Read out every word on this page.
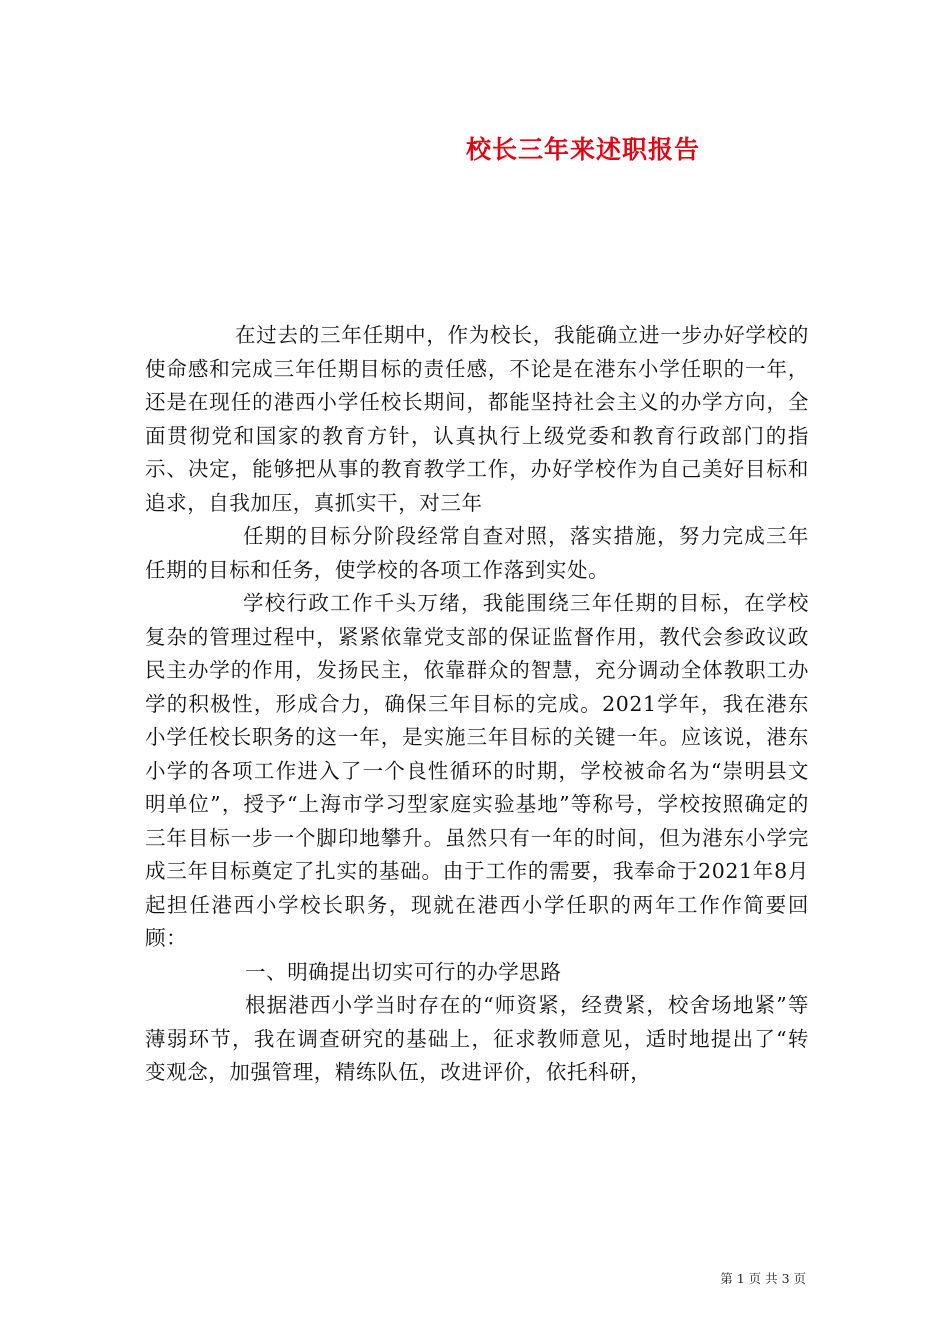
校长三年来述职报告

在过去的三年任期中，作为校长，我能确立进一步办好学校的使命感和完成三年任期目标的责任感，不论是在港东小学任职的一年，还是在现任的港西小学任校长期间，都能坚持社会主义的办学方向，全面贯彻党和国家的教育方针，认真执行上级党委和教育行政部门的指示、决定，能够把从事的教育教学工作，办好学校作为自己美好目标和追求，自我加压，真抓实干，对三年

任期的目标分阶段经常自查对照，落实措施，努力完成三年任期的目标和任务，使学校的各项工作落到实处。

学校行政工作千头万绪，我能围绕三年任期的目标，在学校复杂的管理过程中，紧紧依靠党支部的保证监督作用，教代会参政议政民主办学的作用，发扬民主，依靠群众的智慧，充分调动全体教职工办学的积极性，形成合力，确保三年目标的完成。2021学年，我在港东小学任校长职务的这一年，是实施三年目标的关键一年。应该说，港东小学的各项工作进入了一个良性循环的时期，学校被命名为“崇明县文明单位”，授予“上海市学习型家庭实验基地”等称号，学校按照确定的三年目标一步一个脚印地攀升。虽然只有一年的时间，但为港东小学完成三年目标奠定了扎实的基础。由于工作的需要，我奉命于2021年8月起担任港西小学校长职务，现就在港西小学任职的两年工作作简要回顾：

一、明确提出切实可行的办学思路

根据港西小学当时存在的“师资紧，经费紧，校舍场地紧”等薄弱环节，我在调查研究的基础上，征求教师意见，适时地提出了“转变观念，加强管理，精练队伍，改进评价，依托科研，

第 1 页 共 3 页
